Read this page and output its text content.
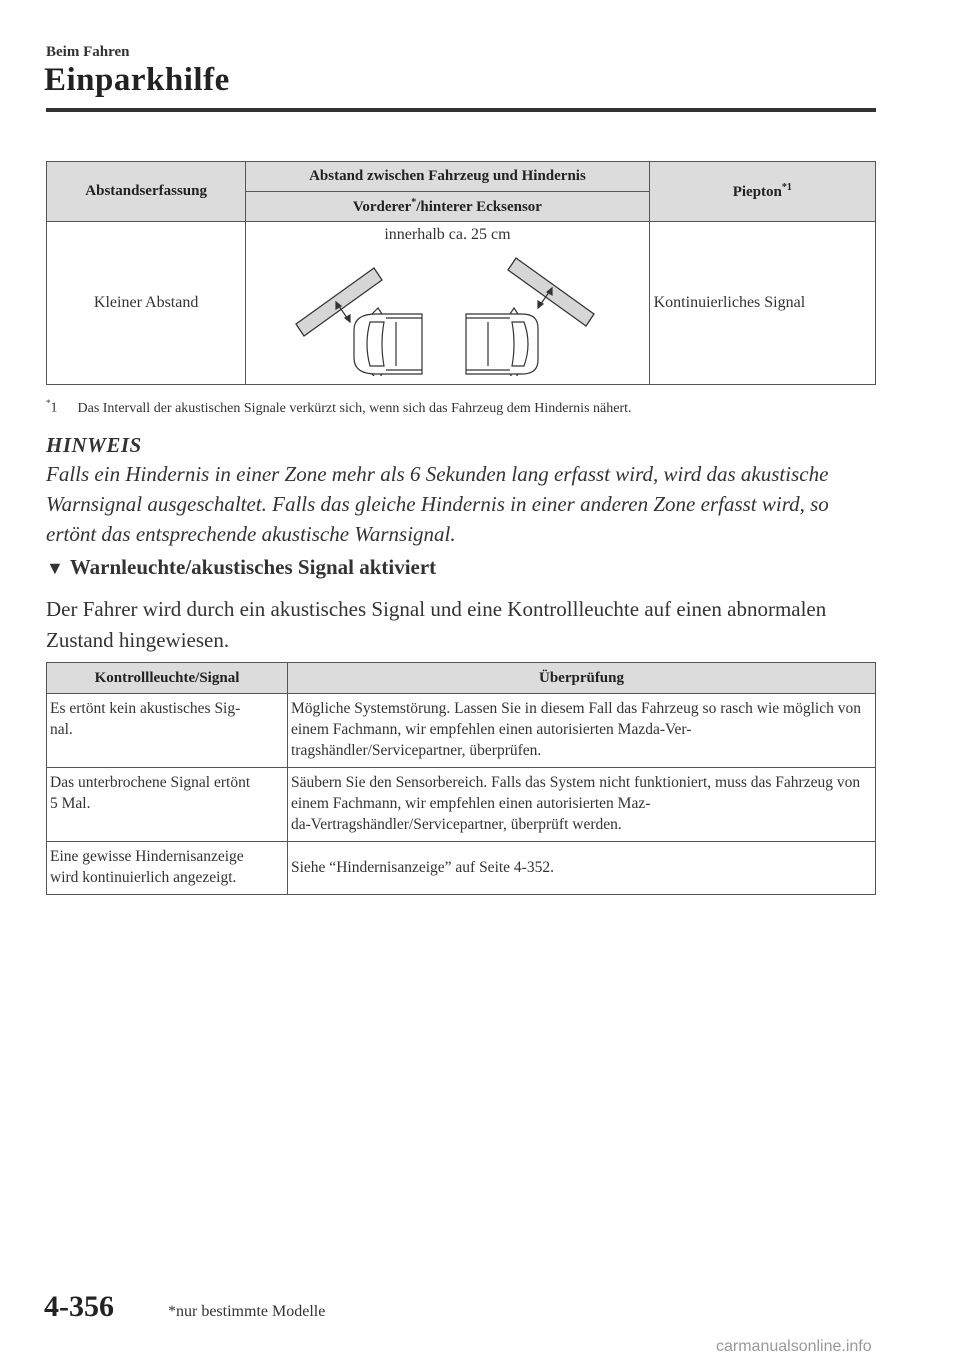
Beim Fahren
Einparkhilfe
Abstandserfassung	Abstand zwischen Fahrzeug und Hindernis	Piepton$^{*1}$
	Vorderer*/hinterer Ecksensor	
Kleiner Abstand	innerhalb ca. 25 cm	Kontinuierliches Signal
*1 Das Intervall der akustischen Signale verkürzt sich, wenn sich das Fahrzeug dem Hindernis nähert.
HINWEIS
Falls ein Hindernis in einer Zone mehr als 6 Sekunden lang erfasst wird, wird das akustische Warnsignal ausgeschaltet. Falls das gleiche Hindernis in einer anderen Zone erfasst wird, so ertönt das entsprechende akustische Warnsignal.
▼ Warnleuchte/akustisches Signal aktiviert
Der Fahrer wird durch ein akustisches Signal und eine Kontrollleuchte auf einen abnormalen Zustand hingewiesen.
Kontrollleuchte/Signal	Überprüfung
Es ertönt kein akustisches Sig-
nal.	Mögliche Systemstörung. Lassen Sie in diesem Fall das Fahrzeug so rasch wie möglich von einem Fachmann, wir empfehlen einen autorisierten Mazda-Ver-
tragshändler/Servicepartner, überprüfen.
Das unterbrochene Signal ertönt
5 Mal.	Säubern Sie den Sensorbereich. Falls das System nicht funktioniert, muss das Fahrzeug von einem Fachmann, wir empfehlen einen autorisierten Maz-
da-Vertragshändler/Servicepartner, überprüft werden.
Eine gewisse Hindernisanzeige
wird kontinuierlich angezeigt.	Siehe “Hindernisanzeige” auf Seite 4-352.
4-356	*nur bestimmte Modelle
carmanualsonline.info
